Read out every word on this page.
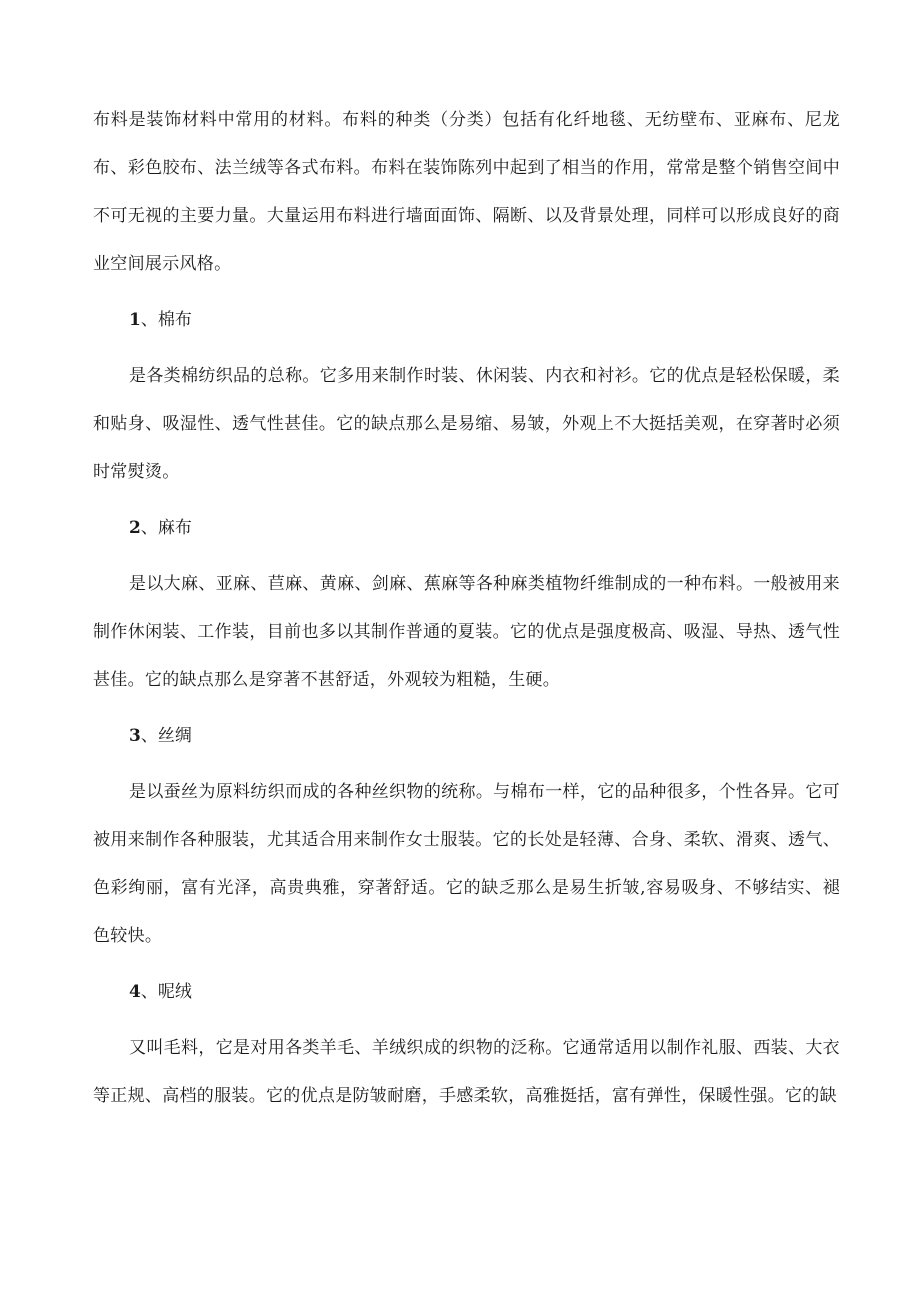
布料是装饰材料中常用的材料。布料的种类（分类）包括有化纤地毯、无纺壁布、亚麻布、尼龙布、彩色胶布、法兰绒等各式布料。布料在装饰陈列中起到了相当的作用，常常是整个销售空间中不可无视的主要力量。大量运用布料进行墙面面饰、隔断、以及背景处理，同样可以形成良好的商业空间展示风格。

1、棉布

是各类棉纺织品的总称。它多用来制作时装、休闲装、内衣和衬衫。它的优点是轻松保暖，柔和贴身、吸湿性、透气性甚佳。它的缺点那么是易缩、易皱，外观上不大挺括美观，在穿著时必须时常熨烫。

2、麻布

是以大麻、亚麻、苣麻、黄麻、剑麻、蕉麻等各种麻类植物纤维制成的一种布料。一般被用来制作休闲装、工作装，目前也多以其制作普通的夏装。它的优点是强度极高、吸湿、导热、透气性甚佳。它的缺点那么是穿著不甚舒适，外观较为粗糙，生硬。

3、丝绸

是以蚕丝为原料纺织而成的各种丝织物的统称。与棉布一样，它的品种很多，个性各异。它可被用来制作各种服装，尤其适合用来制作女士服装。它的长处是轻薄、合身、柔软、滑爽、透气、色彩绚丽，富有光泽，高贵典雅，穿著舒适。它的缺乏那么是易生折皱,容易吸身、不够结实、褪色较快。

4、呢绒

又叫毛料，它是对用各类羊毛、羊绒织成的织物的泛称。它通常适用以制作礼服、西装、大衣等正规、高档的服装。它的优点是防皱耐磨，手感柔软，高雅挺括，富有弹性，保暖性强。它的缺
